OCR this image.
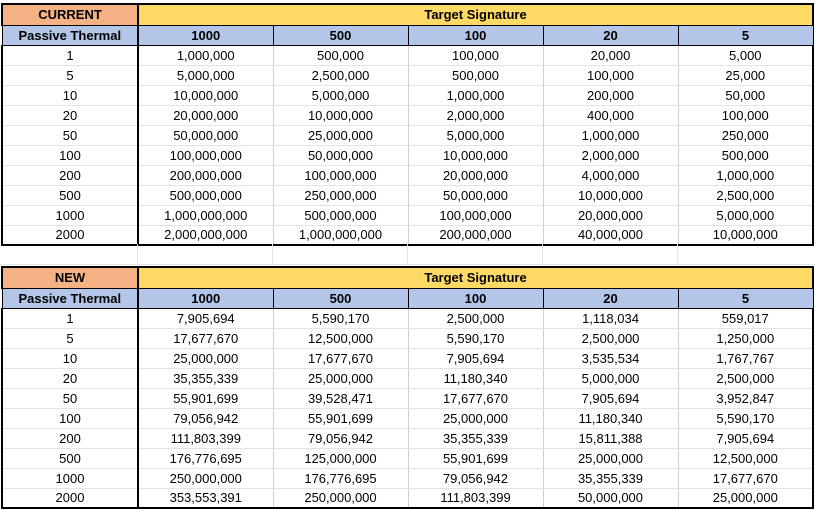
CURRENT	Target Signature				
Passive Thermal	1000	500	100	20	5
1	1,000,000	500,000	100,000	20,000	5,000
5	5,000,000	2,500,000	500,000	100,000	25,000
10	10,000,000	5,000,000	1,000,000	200,000	50,000
20	20,000,000	10,000,000	2,000,000	400,000	100,000
50	50,000,000	25,000,000	5,000,000	1,000,000	250,000
100	100,000,000	50,000,000	10,000,000	2,000,000	500,000
200	200,000,000	100,000,000	20,000,000	4,000,000	1,000,000
500	500,000,000	250,000,000	50,000,000	10,000,000	2,500,000
1000	1,000,000,000	500,000,000	100,000,000	20,000,000	5,000,000
2000	2,000,000,000	1,000,000,000	200,000,000	40,000,000	10,000,000
NEW	Target Signature				
Passive Thermal	1000	500	100	20	5
1	7,905,694	5,590,170	2,500,000	1,118,034	559,017
5	17,677,670	12,500,000	5,590,170	2,500,000	1,250,000
10	25,000,000	17,677,670	7,905,694	3,535,534	1,767,767
20	35,355,339	25,000,000	11,180,340	5,000,000	2,500,000
50	55,901,699	39,528,471	17,677,670	7,905,694	3,952,847
100	79,056,942	55,901,699	25,000,000	11,180,340	5,590,170
200	111,803,399	79,056,942	35,355,339	15,811,388	7,905,694
500	176,776,695	125,000,000	55,901,699	25,000,000	12,500,000
1000	250,000,000	176,776,695	79,056,942	35,355,339	17,677,670
2000	353,553,391	250,000,000	111,803,399	50,000,000	25,000,000
